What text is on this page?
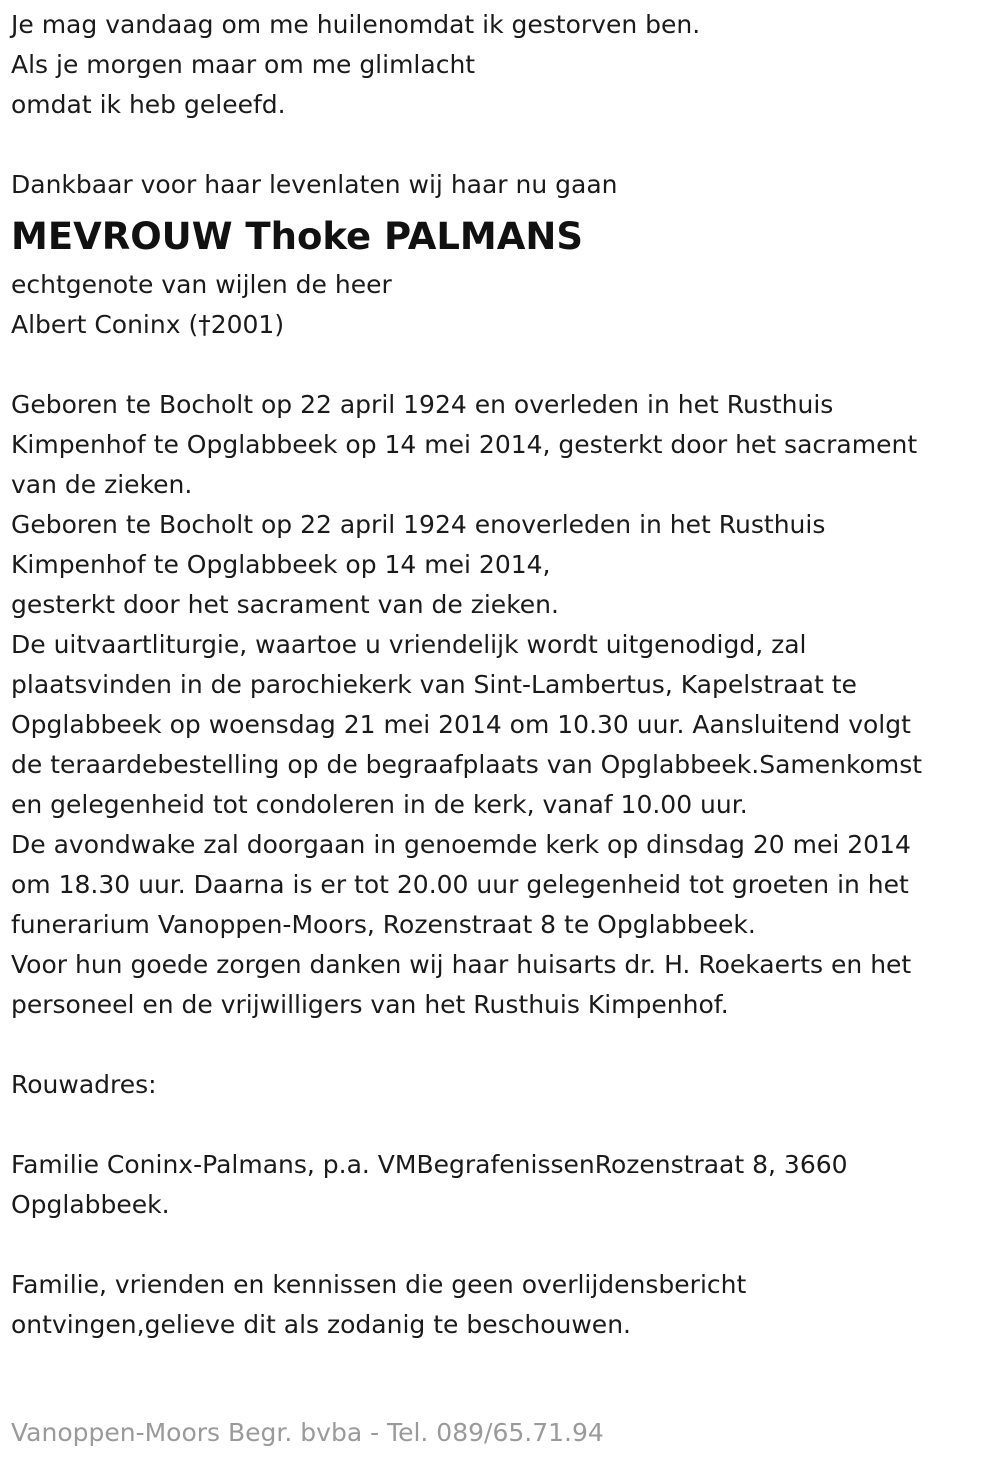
Je mag vandaag om me huilenomdat ik gestorven ben.
Als je morgen maar om me glimlacht
omdat ik heb geleefd.
Dankbaar voor haar levenlaten wij haar nu gaan
MEVROUW Thoke PALMANS
echtgenote van wijlen de heer
Albert Coninx (†2001)
Geboren te Bocholt op 22 april 1924 en overleden in het Rusthuis
Kimpenhof te Opglabbeek op 14 mei 2014, gesterkt door het sacrament
van de zieken.
Geboren te Bocholt op 22 april 1924 enoverleden in het Rusthuis
Kimpenhof te Opglabbeek op 14 mei 2014,
gesterkt door het sacrament van de zieken.
De uitvaartliturgie, waartoe u vriendelijk wordt uitgenodigd, zal
plaatsvinden in de parochiekerk van Sint-Lambertus, Kapelstraat te
Opglabbeek op woensdag 21 mei 2014 om 10.30 uur. Aansluitend volgt
de teraardebestelling op de begraafplaats van Opglabbeek.Samenkomst
en gelegenheid tot condoleren in de kerk, vanaf 10.00 uur.
De avondwake zal doorgaan in genoemde kerk op dinsdag 20 mei 2014
om 18.30 uur. Daarna is er tot 20.00 uur gelegenheid tot groeten in het
funerarium Vanoppen-Moors, Rozenstraat 8 te Opglabbeek.
Voor hun goede zorgen danken wij haar huisarts dr. H. Roekaerts en het
personeel en de vrijwilligers van het Rusthuis Kimpenhof.
Rouwadres:
Familie Coninx-Palmans, p.a. VMBegrafenissenRozenstraat 8, 3660
Opglabbeek.
Familie, vrienden en kennissen die geen overlijdensbericht
ontvingen,gelieve dit als zodanig te beschouwen.
Vanoppen-Moors Begr. bvba - Tel. 089/65.71.94
